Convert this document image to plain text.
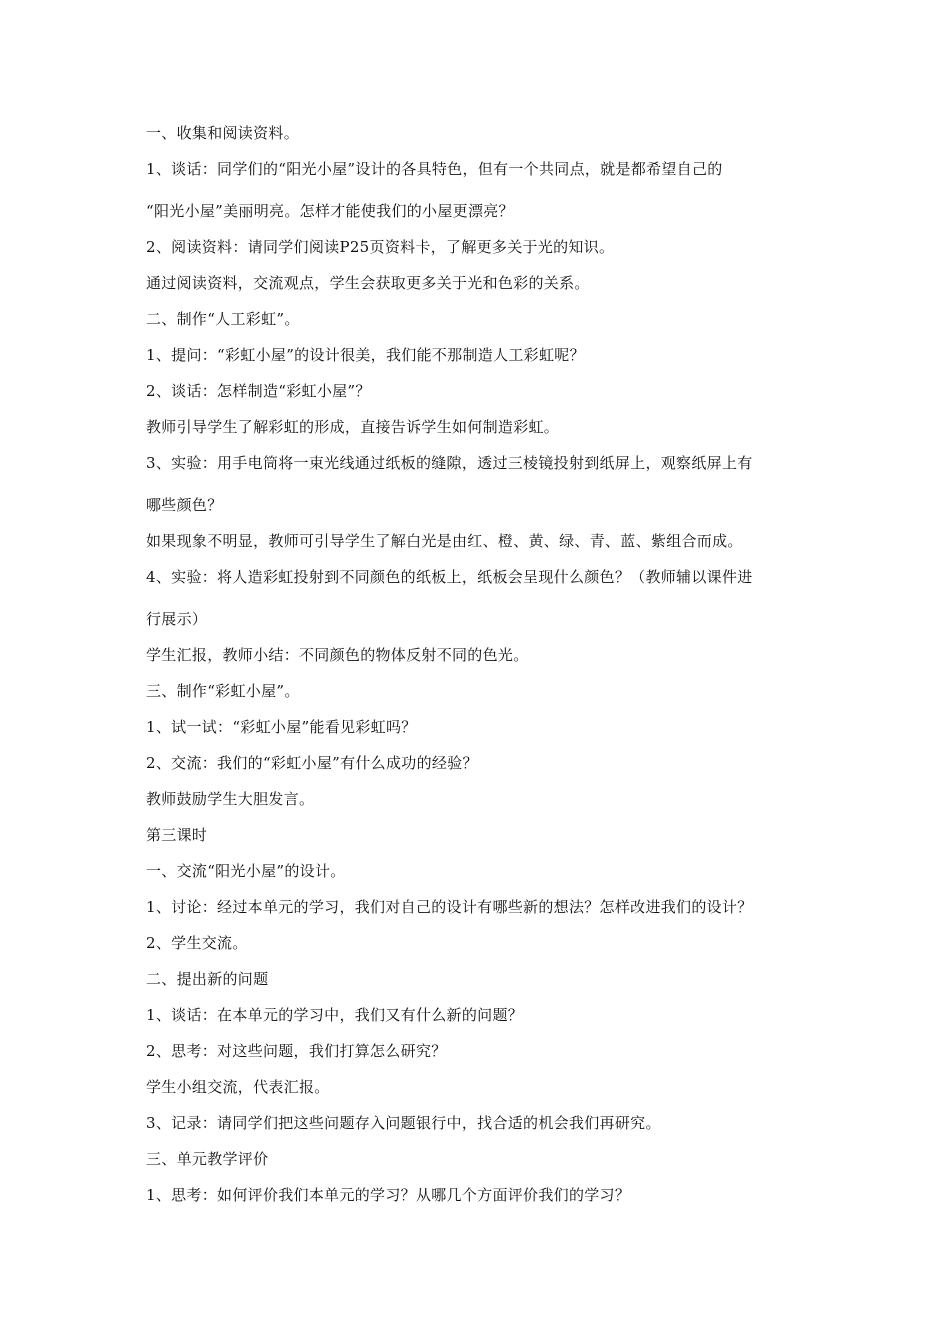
一、收集和阅读资料。
1、谈话：同学们的“阳光小屋”设计的各具特色，但有一个共同点，就是都希望自己的
“阳光小屋”美丽明亮。怎样才能使我们的小屋更漂亮？
2、阅读资料：请同学们阅读P25页资料卡，了解更多关于光的知识。
通过阅读资料，交流观点，学生会获取更多关于光和色彩的关系。
二、制作“人工彩虹”。
1、提问：“彩虹小屋”的设计很美，我们能不那制造人工彩虹呢？
2、谈话：怎样制造“彩虹小屋”？
教师引导学生了解彩虹的形成，直接告诉学生如何制造彩虹。
3、实验：用手电筒将一束光线通过纸板的缝隙，透过三棱镜投射到纸屏上，观察纸屏上有
哪些颜色？
如果现象不明显，教师可引导学生了解白光是由红、橙、黄、绿、青、蓝、紫组合而成。
4、实验：将人造彩虹投射到不同颜色的纸板上，纸板会呈现什么颜色？（教师辅以课件进
行展示）
学生汇报，教师小结：不同颜色的物体反射不同的色光。
三、制作“彩虹小屋”。
1、试一试：“彩虹小屋”能看见彩虹吗？
2、交流：我们的“彩虹小屋”有什么成功的经验？
教师鼓励学生大胆发言。
第三课时
一、交流“阳光小屋”的设计。
1、讨论：经过本单元的学习，我们对自己的设计有哪些新的想法？怎样改进我们的设计？
2、学生交流。
二、提出新的问题
1、谈话：在本单元的学习中，我们又有什么新的问题？
2、思考：对这些问题，我们打算怎么研究？
学生小组交流，代表汇报。
3、记录：请同学们把这些问题存入问题银行中，找合适的机会我们再研究。
三、单元教学评价
1、思考：如何评价我们本单元的学习？从哪几个方面评价我们的学习？
